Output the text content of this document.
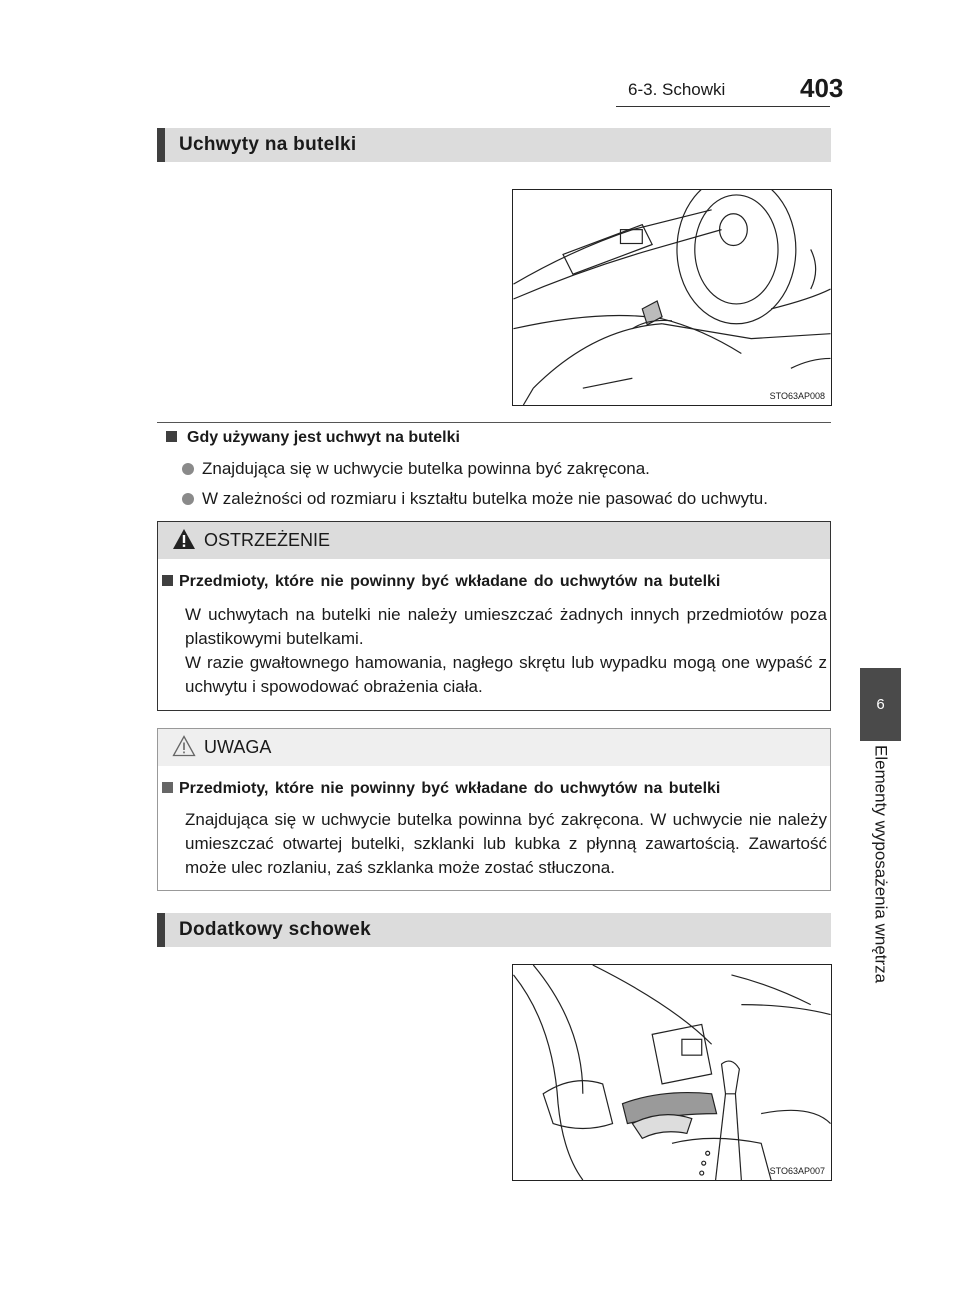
6-3. Schowki	403
6
Elementy wyposażenia wnętrza
Uchwyty na butelki
STO63AP008
Gdy używany jest uchwyt na butelki
Znajdująca się w uchwycie butelka powinna być zakręcona.
W zależności od rozmiaru i kształtu butelka może nie pasować do uchwytu.
OSTRZEŻENIE
Przedmioty, które nie powinny być wkładane do uchwytów na butelki

W uchwytach na butelki nie należy umieszczać żadnych innych przedmiotów poza plastikowymi butelkami.

W razie gwałtownego hamowania, nagłego skrętu lub wypadku mogą one wypaść z uchwytu i spowodować obrażenia ciała.

UWAGA
Przedmioty, które nie powinny być wkładane do uchwytów na butelki

Znajdująca się w uchwycie butelka powinna być zakręcona. W uchwycie nie należy umieszczać otwartej butelki, szklanki lub kubka z płynną zawartością. Zawartość może ulec rozlaniu, zaś szklanka może zostać stłuczona.

Dodatkowy schowek
STO63AP007
